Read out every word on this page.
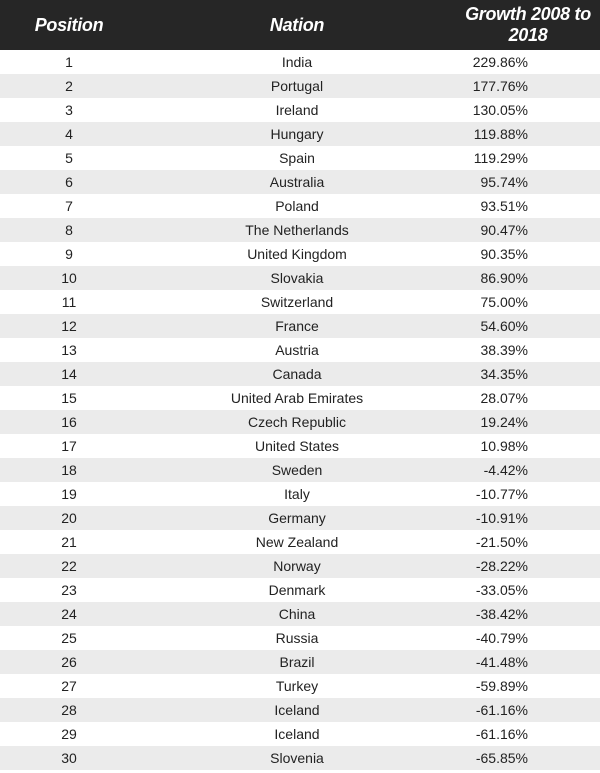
Position	Nation	Growth 2008 to 2018
1	India	229.86%
2	Portugal	177.76%
3	Ireland	130.05%
4	Hungary	119.88%
5	Spain	119.29%
6	Australia	95.74%
7	Poland	93.51%
8	The Netherlands	90.47%
9	United Kingdom	90.35%
10	Slovakia	86.90%
11	Switzerland	75.00%
12	France	54.60%
13	Austria	38.39%
14	Canada	34.35%
15	United Arab Emirates	28.07%
16	Czech Republic	19.24%
17	United States	10.98%
18	Sweden	-4.42%
19	Italy	-10.77%
20	Germany	-10.91%
21	New Zealand	-21.50%
22	Norway	-28.22%
23	Denmark	-33.05%
24	China	-38.42%
25	Russia	-40.79%
26	Brazil	-41.48%
27	Turkey	-59.89%
28	Iceland	-61.16%
29	Iceland	-61.16%
30	Slovenia	-65.85%
